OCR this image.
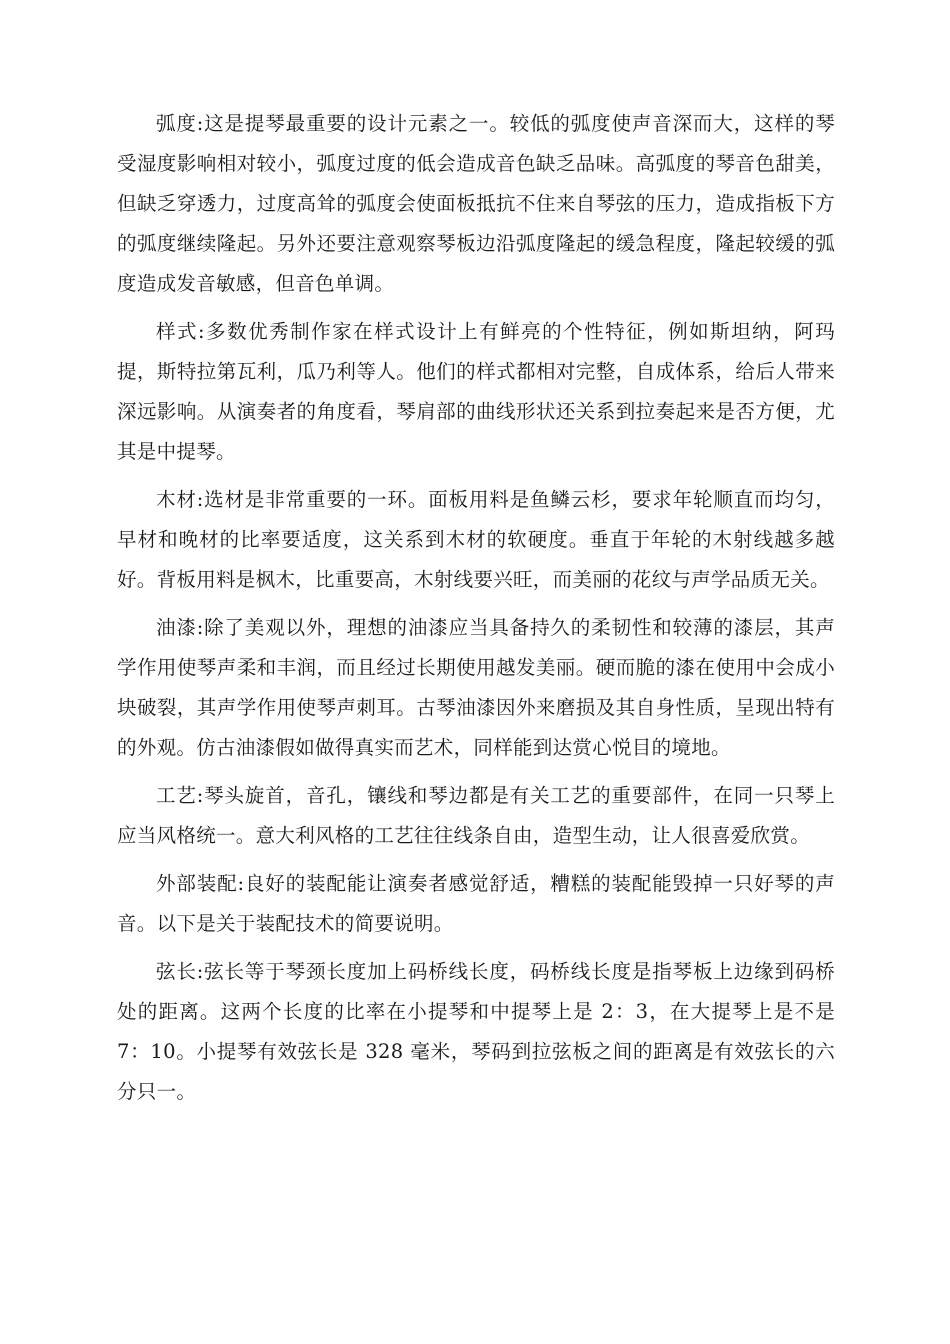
弧度:这是提琴最重要的设计元素之一。较低的弧度使声音深而大，这样的琴受湿度影响相对较小，弧度过度的低会造成音色缺乏品味。高弧度的琴音色甜美，但缺乏穿透力，过度高耸的弧度会使面板抵抗不住来自琴弦的压力，造成指板下方的弧度继续隆起。另外还要注意观察琴板边沿弧度隆起的缓急程度，隆起较缓的弧度造成发音敏感，但音色单调。

样式:多数优秀制作家在样式设计上有鲜亮的个性特征，例如斯坦纳，阿玛提，斯特拉第瓦利，瓜乃利等人。他们的样式都相对完整，自成体系，给后人带来深远影响。从演奏者的角度看，琴肩部的曲线形状还关系到拉奏起来是否方便，尤其是中提琴。

木材:选材是非常重要的一环。面板用料是鱼鳞云杉，要求年轮顺直而均匀，早材和晚材的比率要适度，这关系到木材的软硬度。垂直于年轮的木射线越多越好。背板用料是枫木，比重要高，木射线要兴旺，而美丽的花纹与声学品质无关。

油漆:除了美观以外，理想的油漆应当具备持久的柔韧性和较薄的漆层，其声学作用使琴声柔和丰润，而且经过长期使用越发美丽。硬而脆的漆在使用中会成小块破裂，其声学作用使琴声刺耳。古琴油漆因外来磨损及其自身性质，呈现出特有的外观。仿古油漆假如做得真实而艺术，同样能到达赏心悦目的境地。

工艺:琴头旋首，音孔，镶线和琴边都是有关工艺的重要部件，在同一只琴上应当风格统一。意大利风格的工艺往往线条自由，造型生动，让人很喜爱欣赏。

外部装配:良好的装配能让演奏者感觉舒适，糟糕的装配能毁掉一只好琴的声音。以下是关于装配技术的简要说明。

弦长:弦长等于琴颈长度加上码桥线长度，码桥线长度是指琴板上边缘到码桥处的距离。这两个长度的比率在小提琴和中提琴上是 2：3，在大提琴上是不是 7：10。小提琴有效弦长是 328 毫米，琴码到拉弦板之间的距离是有效弦长的六分只一。
